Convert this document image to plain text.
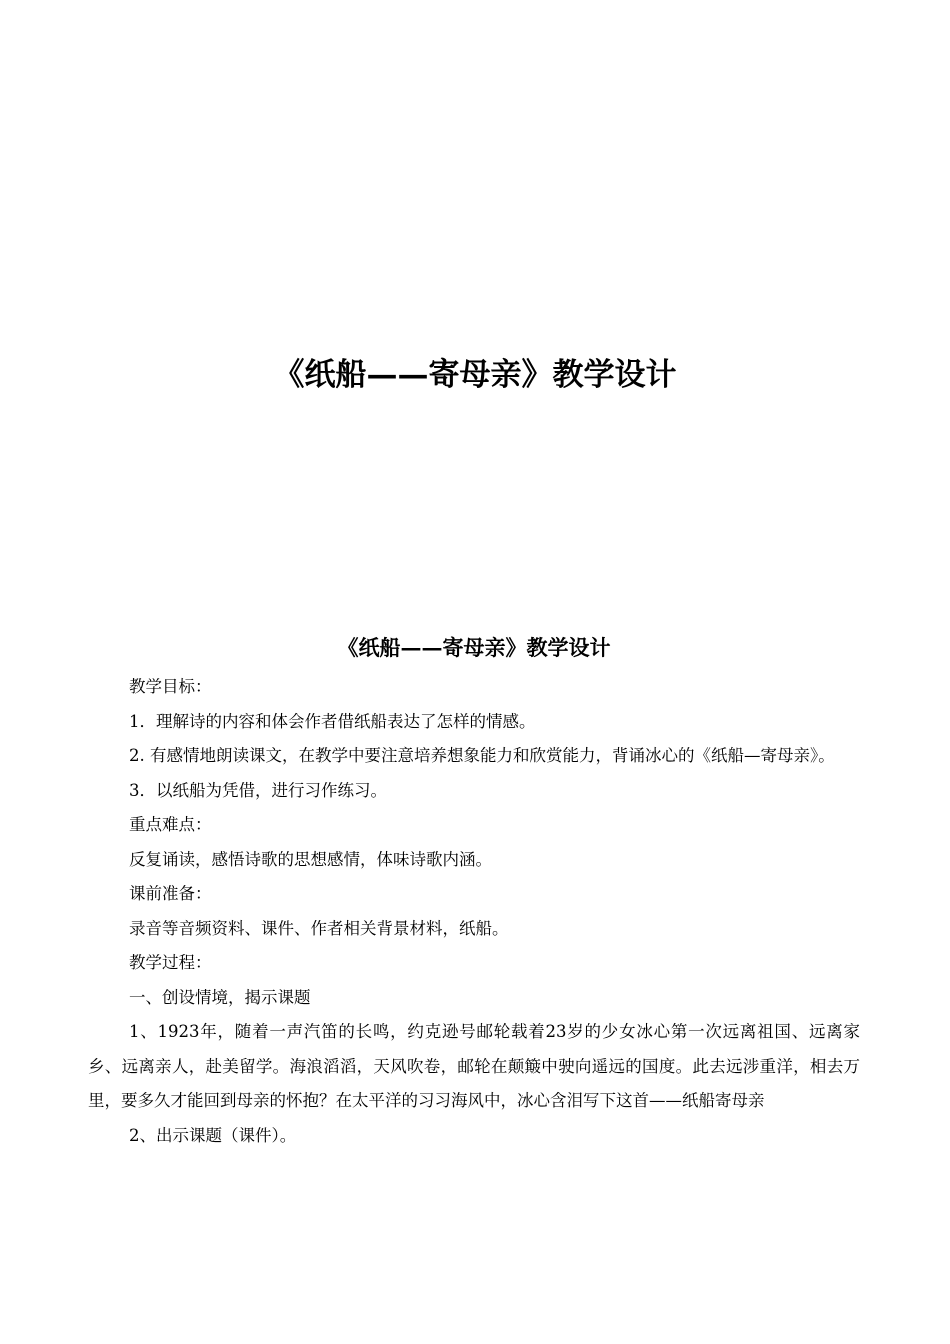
《纸船——寄母亲》教学设计
《纸船——寄母亲》教学设计

教学目标：

1．理解诗的内容和体会作者借纸船表达了怎样的情感。

2. 有感情地朗读课文，在教学中要注意培养想象能力和欣赏能力，背诵冰心的《纸船—寄母亲》。

3．以纸船为凭借，进行习作练习。

重点难点：

反复诵读，感悟诗歌的思想感情，体味诗歌内涵。

课前准备：

录音等音频资料、课件、作者相关背景材料，纸船。

教学过程：

一、创设情境，揭示课题

1、1923年，随着一声汽笛的长鸣，约克逊号邮轮载着23岁的少女冰心第一次远离祖国、远离家乡、远离亲人，赴美留学。海浪滔滔，天风吹卷，邮轮在颠簸中驶向遥远的国度。此去远涉重洋，相去万里，要多久才能回到母亲的怀抱？在太平洋的习习海风中，冰心含泪写下这首——纸船寄母亲

2、出示课题（课件）。
